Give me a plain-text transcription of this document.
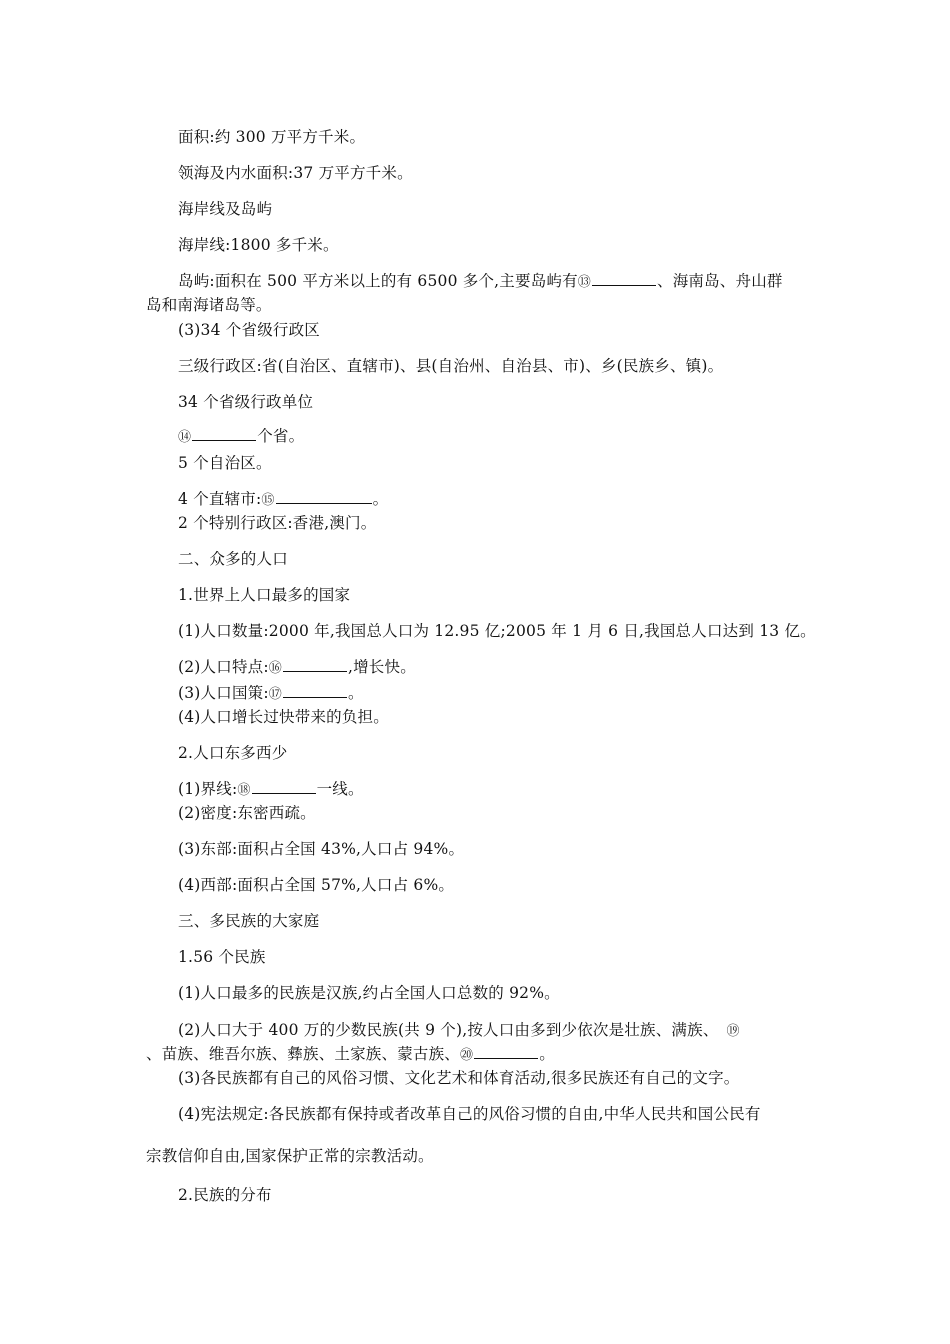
面积:约 300 万平方千米。
领海及内水面积:37 万平方千米。
海岸线及岛屿
海岸线:1800 多千米。
岛屿:面积在 500 平方米以上的有 6500 多个,主要岛屿有⑬	、海南岛、舟山群
岛和南海诸岛等。
(3)34 个省级行政区
三级行政区:省(自治区、直辖市)、县(自治州、自治县、市)、乡(民族乡、镇)。
34 个省级行政单位
⑭	个省。
5 个自治区。
4 个直辖市:⑮	。
2 个特别行政区:香港,澳门。
二、众多的人口
1.世界上人口最多的国家
(1)人口数量:2000 年,我国总人口为 12.95 亿;2005 年 1 月 6 日,我国总人口达到 13 亿。
(2)人口特点:⑯	,增长快。
(3)人口国策:⑰	。
(4)人口增长过快带来的负担。
2.人口东多西少
(1)界线:⑱	一线。
(2)密度:东密西疏。
(3)东部:面积占全国 43%,人口占 94%。
(4)西部:面积占全国 57%,人口占 6%。
三、多民族的大家庭
1.56 个民族
(1)人口最多的民族是汉族,约占全国人口总数的 92%。
(2)人口大于 400 万的少数民族(共 9 个),按人口由多到少依次是壮族、满族、 ⑲
、苗族、维吾尔族、彝族、土家族、蒙古族、⑳	。
(3)各民族都有自己的风俗习惯、文化艺术和体育活动,很多民族还有自己的文字。
(4)宪法规定:各民族都有保持或者改革自己的风俗习惯的自由,中华人民共和国公民有
宗教信仰自由,国家保护正常的宗教活动。
2.民族的分布
